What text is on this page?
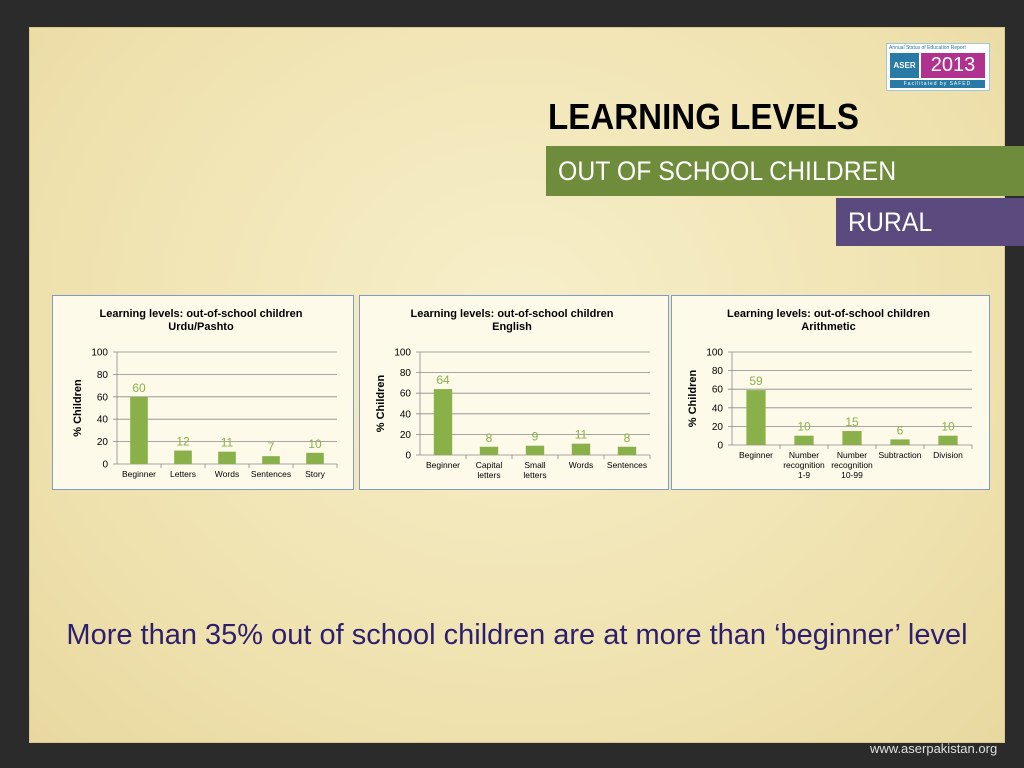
Annual Status of Education Report
ASER 2013
Facilitated by SAFED
LEARNING LEVELS
OUT OF SCHOOL CHILDREN
RURAL
Learning levels: out-of-school children
Urdu/Pashto
0
20
40
60
80
100
% Children	60
Beginner
12
Letters
11
Words
7
Sentences
10
Story
Learning levels: out-of-school children
English
0
20
40
60
80
100
% Children	64
Beginner
8
Capital
letters
9
Small
letters
11
Words
8
Sentences
Learning levels: out-of-school children
Arithmetic
0
20
40
60
80
100
% Children	59
Beginner
10
Number
recognition
1-9
15
Number
recognition
10-99
6
Subtraction
10
Division
More than 35% out of school children are at more than ‘beginner’ level
www.aserpakistan.org
